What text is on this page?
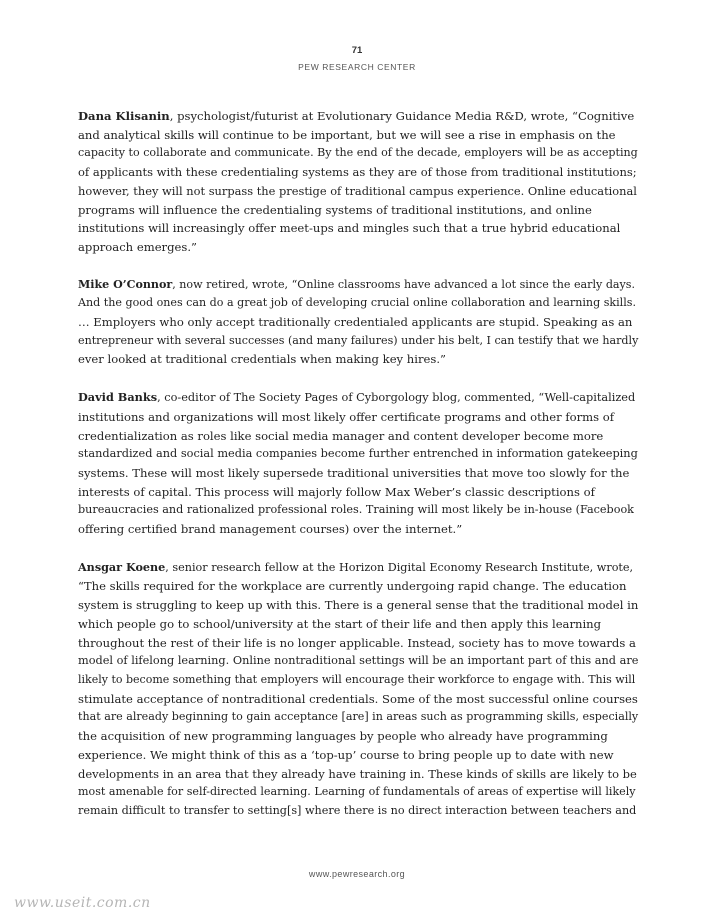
71
PEW RESEARCH CENTER

Dana Klisanin, psychologist/futurist at Evolutionary Guidance Media R&D, wrote, “Cognitive
and analytical skills will continue to be important, but we will see a rise in emphasis on the
capacity to collaborate and communicate. By the end of the decade, employers will be as accepting
of applicants with these credentialing systems as they are of those from traditional institutions;
however, they will not surpass the prestige of traditional campus experience. Online educational
programs will influence the credentialing systems of traditional institutions, and online
institutions will increasingly offer meet-ups and mingles such that a true hybrid educational
approach emerges.”

Mike O’Connor, now retired, wrote, “Online classrooms have advanced a lot since the early days.
And the good ones can do a great job of developing crucial online collaboration and learning skills.
… Employers who only accept traditionally credentialed applicants are stupid. Speaking as an
entrepreneur with several successes (and many failures) under his belt, I can testify that we hardly
ever looked at traditional credentials when making key hires.”

David Banks, co-editor of The Society Pages of Cyborgology blog, commented, “Well-capitalized
institutions and organizations will most likely offer certificate programs and other forms of
credentialization as roles like social media manager and content developer become more
standardized and social media companies become further entrenched in information gatekeeping
systems. These will most likely supersede traditional universities that move too slowly for the
interests of capital. This process will majorly follow Max Weber’s classic descriptions of
bureaucracies and rationalized professional roles. Training will most likely be in-house (Facebook
offering certified brand management courses) over the internet.”

Ansgar Koene, senior research fellow at the Horizon Digital Economy Research Institute, wrote,
“The skills required for the workplace are currently undergoing rapid change. The education
system is struggling to keep up with this. There is a general sense that the traditional model in
which people go to school/university at the start of their life and then apply this learning
throughout the rest of their life is no longer applicable. Instead, society has to move towards a
model of lifelong learning. Online nontraditional settings will be an important part of this and are
likely to become something that employers will encourage their workforce to engage with. This will
stimulate acceptance of nontraditional credentials. Some of the most successful online courses
that are already beginning to gain acceptance [are] in areas such as programming skills, especially
the acquisition of new programming languages by people who already have programming
experience. We might think of this as a ‘top-up’ course to bring people up to date with new
developments in an area that they already have training in. These kinds of skills are likely to be
most amenable for self-directed learning. Learning of fundamentals of areas of expertise will likely
remain difficult to transfer to setting[s] where there is no direct interaction between teachers and

www.pewresearch.org
www.useit.com.cn
